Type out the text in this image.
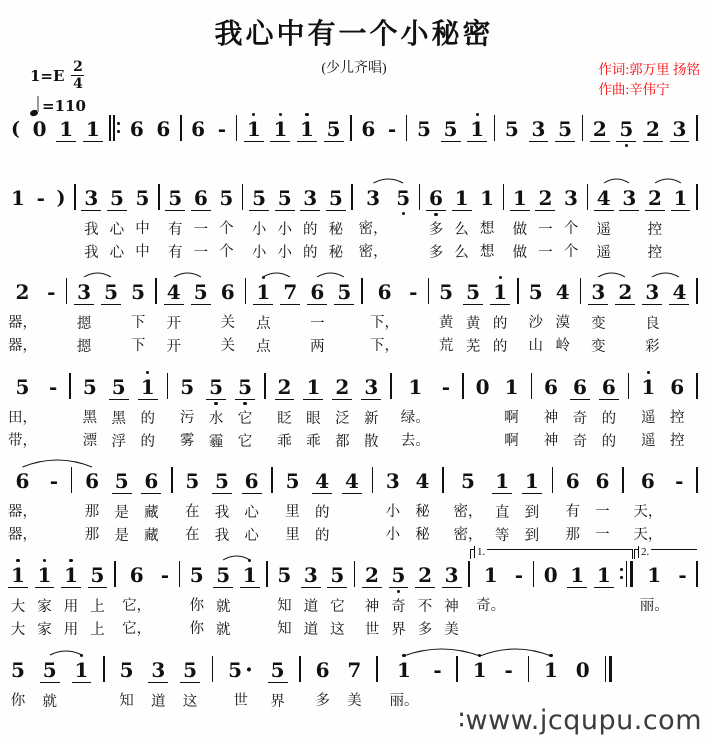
我心中有一个小秘密
(少儿齐唱)	作词:郭万里 扬铭
作曲:辛伟宁
$1=E \frac{2}{4}$
=110
( 0 1 1 6 6 6 - 1 1 1 5 6 - 5 5 1 5 3 5 2 5 2 3
1 - ) 3
我
我
5
心
心
5
中
中
5
有
有
6
一
一
5
个
个
5
小
小
5
小
小
3
的
的
5
秘
秘
3
密，
密，
5 6
多
多
1
么
么
1
想
想
1
做
做
2
一
一
3
个
个
4
遥
遥
3 2
控
控
1
2
器，
器，
- 3
摁
摁
5 5
下
下
4
开
开
5 6
关
关
1
点
点
7 6
一
两
5 6
下，
下，
- 5
黄
荒
5
黄
芜
1
的
的
5
沙
山
4
漠
岭
3
变
变
2 3
良
彩
4
5
田，
带，
- 5
黑
漂
5
黑
浮
1
的
的
5
污
雾
5
水
霾
5
它
它
2
眨
乖
1
眼
乖
2
泛
都
3
新
散
1
绿。
去。
- 0 1
啊
啊
6
神
神
6
奇
奇
6
的
的
1
遥
遥
6
控
控
6
器，
器，
- 6
那
那
5
是
是
6
藏
藏
5
在
在
5
我
我
6
心
心
5
里
里
4
的
的
4 3
小
小
4
秘
秘
5
密，
密，
1
直
等
1
到
到
6
有
那
6
一
一
6
天，
天，
-
1
大
大
1
家
家
1
用
用
5
上
上
6
它，
它，
- 5
你
你
5
就
就
1 5
知
知
3
道
道
5
它
这
2
神
世
5
奇
界
2
不
多
3
神
美
1
奇。
- 0 1 1 1
丽。
-
1.	2.
5
你
5
就
1 5
知
3
道
5
这
5 ·
世
5
界
6
多
7
美
1
丽。
- 1 - 1 0
∶www.jcqupu.com
